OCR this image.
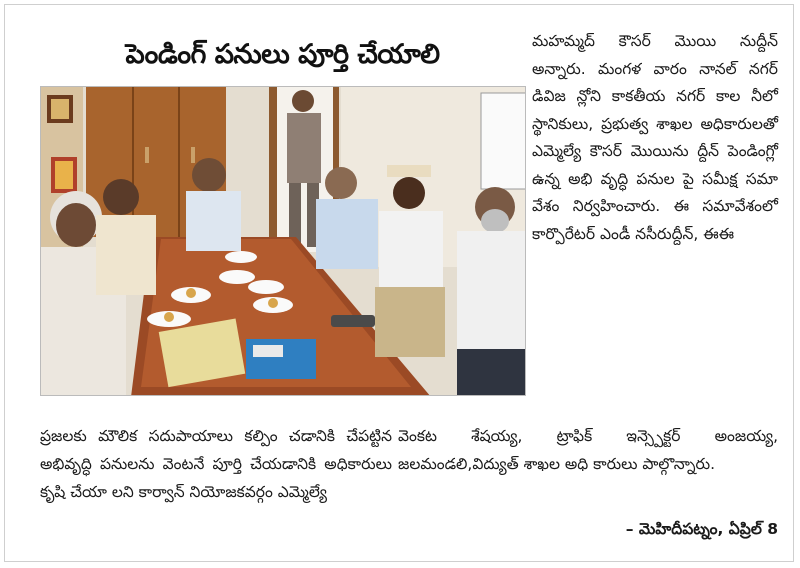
పెండింగ్ పనులు పూర్తి చేయాలి	మహమ్మద్ కౌసర్ మొయి నుద్దీన్ అన్నారు. మంగళ వారం నానల్ నగర్ డివిజ న్లోని కాకతీయ నగర్ కాల నీలో స్థానికులు, ప్రభుత్వ శాఖల అధికారులతో ఎమ్మెల్యే కౌసర్ మొయిను ద్దీన్ పెండింగ్లో ఉన్న అభి వృద్ధి పనుల పై సమీక్ష సమా వేశం నిర్వహించారు. ఈ సమావేశంలో కార్పొరేటర్ ఎండీ నసీరుద్దీన్, ఈఈ
ప్రజలకు మౌలిక సదుపాయాలు కల్పిం చడానికి చేపట్టిన అభివృద్ధి పనులను వెంటనే పూర్తి చేయడానికి అధికారులు కృషి చేయా లని కార్వాన్ నియోజకవర్గం ఎమ్మెల్యే
వెంకట శేషయ్య, ట్రాఫిక్ ఇన్స్పెక్టర్ అంజయ్య, జలమండలి,విద్యుత్ శాఖల అధి కారులు పాల్గొన్నారు.
– మెహిదీపట్నం, ఏప్రిల్ 8
